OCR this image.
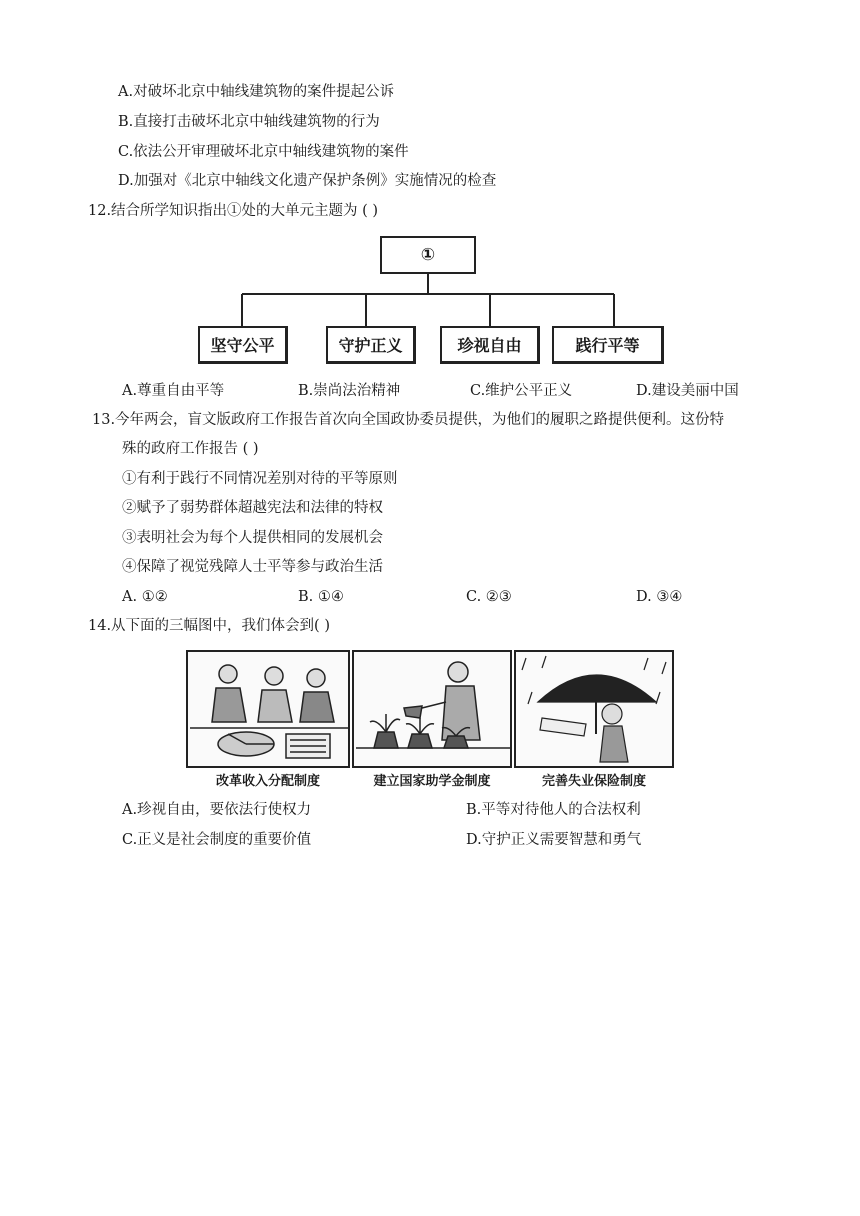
A.对破坏北京中轴线建筑物的案件提起公诉
B.直接打击破坏北京中轴线建筑物的行为
C.依法公开审理破坏北京中轴线建筑物的案件
D.加强对《北京中轴线文化遗产保护条例》实施情况的检查
12.结合所学知识指出①处的大单元主题为 ( )
①
坚守公平	守护正义	珍视自由	践行平等
A.尊重自由平等	B.崇尚法治精神	C.维护公平正义	D.建设美丽中国
13.今年两会，盲文版政府工作报告首次向全国政协委员提供，为他们的履职之路提供便利。这份特
殊的政府工作报告 ( )
①有利于践行不同情况差别对待的平等原则
②赋予了弱势群体超越宪法和法律的特权
③表明社会为每个人提供相同的发展机会
④保障了视觉残障人士平等参与政治生活
A. ①②	B. ①④	C. ②③	D. ③④
14.从下面的三幅图中，我们体会到( )
改革收入分配制度	建立国家助学金制度	完善失业保险制度
A.珍视自由，要依法行使权力	B.平等对待他人的合法权利
C.正义是社会制度的重要价值	D.守护正义需要智慧和勇气
